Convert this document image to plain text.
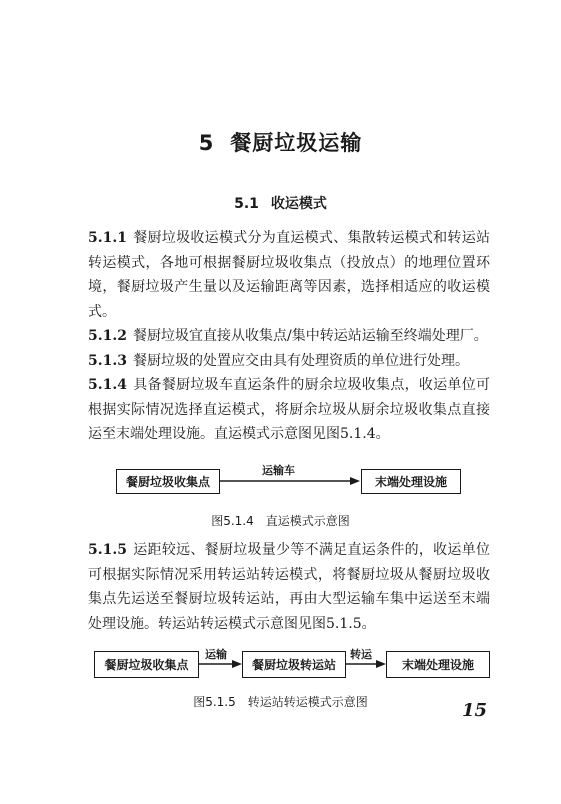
5 餐厨垃圾运输
5.1 收运模式

5.1.1 餐厨垃圾收运模式分为直运模式、集散转运模式和转运站转运模式，各地可根据餐厨垃圾收集点（投放点）的地理位置环境，餐厨垃圾产生量以及运输距离等因素，选择相适应的收运模式。

5.1.2 餐厨垃圾宜直接从收集点/集中转运站运输至终端处理厂。

5.1.3 餐厨垃圾的处置应交由具有处理资质的单位进行处理。

5.1.4 具备餐厨垃圾车直运条件的厨余垃圾收集点，收运单位可根据实际情况选择直运模式，将厨余垃圾从厨余垃圾收集点直接运至末端处理设施。直运模式示意图见图5.1.4。

餐厨垃圾收集点
运输车
末端处理设施
图5.1.4 直运模式示意图

5.1.5 运距较远、餐厨垃圾量少等不满足直运条件的，收运单位可根据实际情况采用转运站转运模式，将餐厨垃圾从餐厨垃圾收集点先运送至餐厨垃圾转运站，再由大型运输车集中运送至末端处理设施。转运站转运模式示意图见图5.1.5。

餐厨垃圾收集点
运输
餐厨垃圾转运站
转运
末端处理设施
图5.1.5 转运站转运模式示意图	15
